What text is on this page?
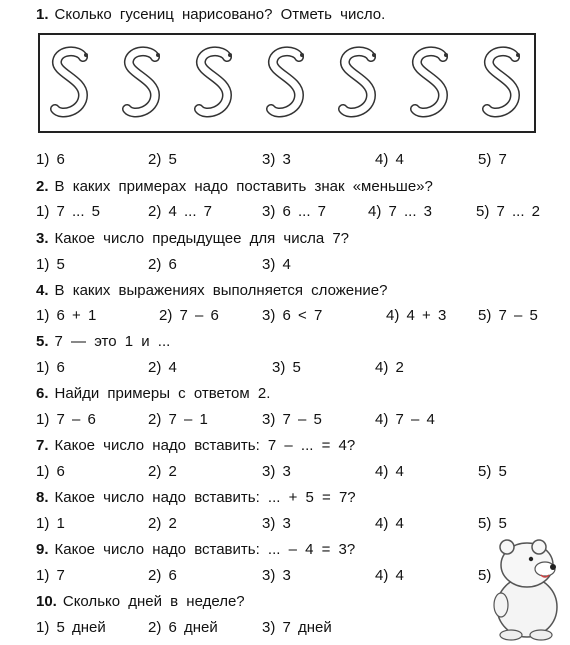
1. Сколько гусениц нарисовано? Отметь число.
1) 6	2) 5	3) 3	4) 4	5) 7
2. В каких примерах надо поставить знак «меньше»?
1) 7 ... 5	2) 4 ... 7	3) 6 ... 7	4) 7 ... 3	5) 7 ... 2
3. Какое число предыдущее для числа 7?
1) 5	2) 6	3) 4
4. В каких выражениях выполняется сложение?
1) 6 + 1	2) 7 – 6	3) 6 < 7	4) 4 + 3 5) 7 – 5
5. 7 — это 1 и ...
1) 6	2) 4	3) 5	4) 2
6. Найди примеры с ответом 2.
1) 7 – 6	2) 7 – 1	3) 7 – 5	4) 7 – 4
7. Какое число надо вставить: 7 – ... = 4?
1) 6	2) 2	3) 3	4) 4	5) 5
8. Какое число надо вставить: ... + 5 = 7?
1) 1	2) 2	3) 3	4) 4	5) 5
9. Какое число надо вставить: ... – 4 = 3?
1) 7	2) 6	3) 3	4) 4	5)
10. Сколько дней в неделе?
1) 5 дней	2) 6 дней	3) 7 дней
